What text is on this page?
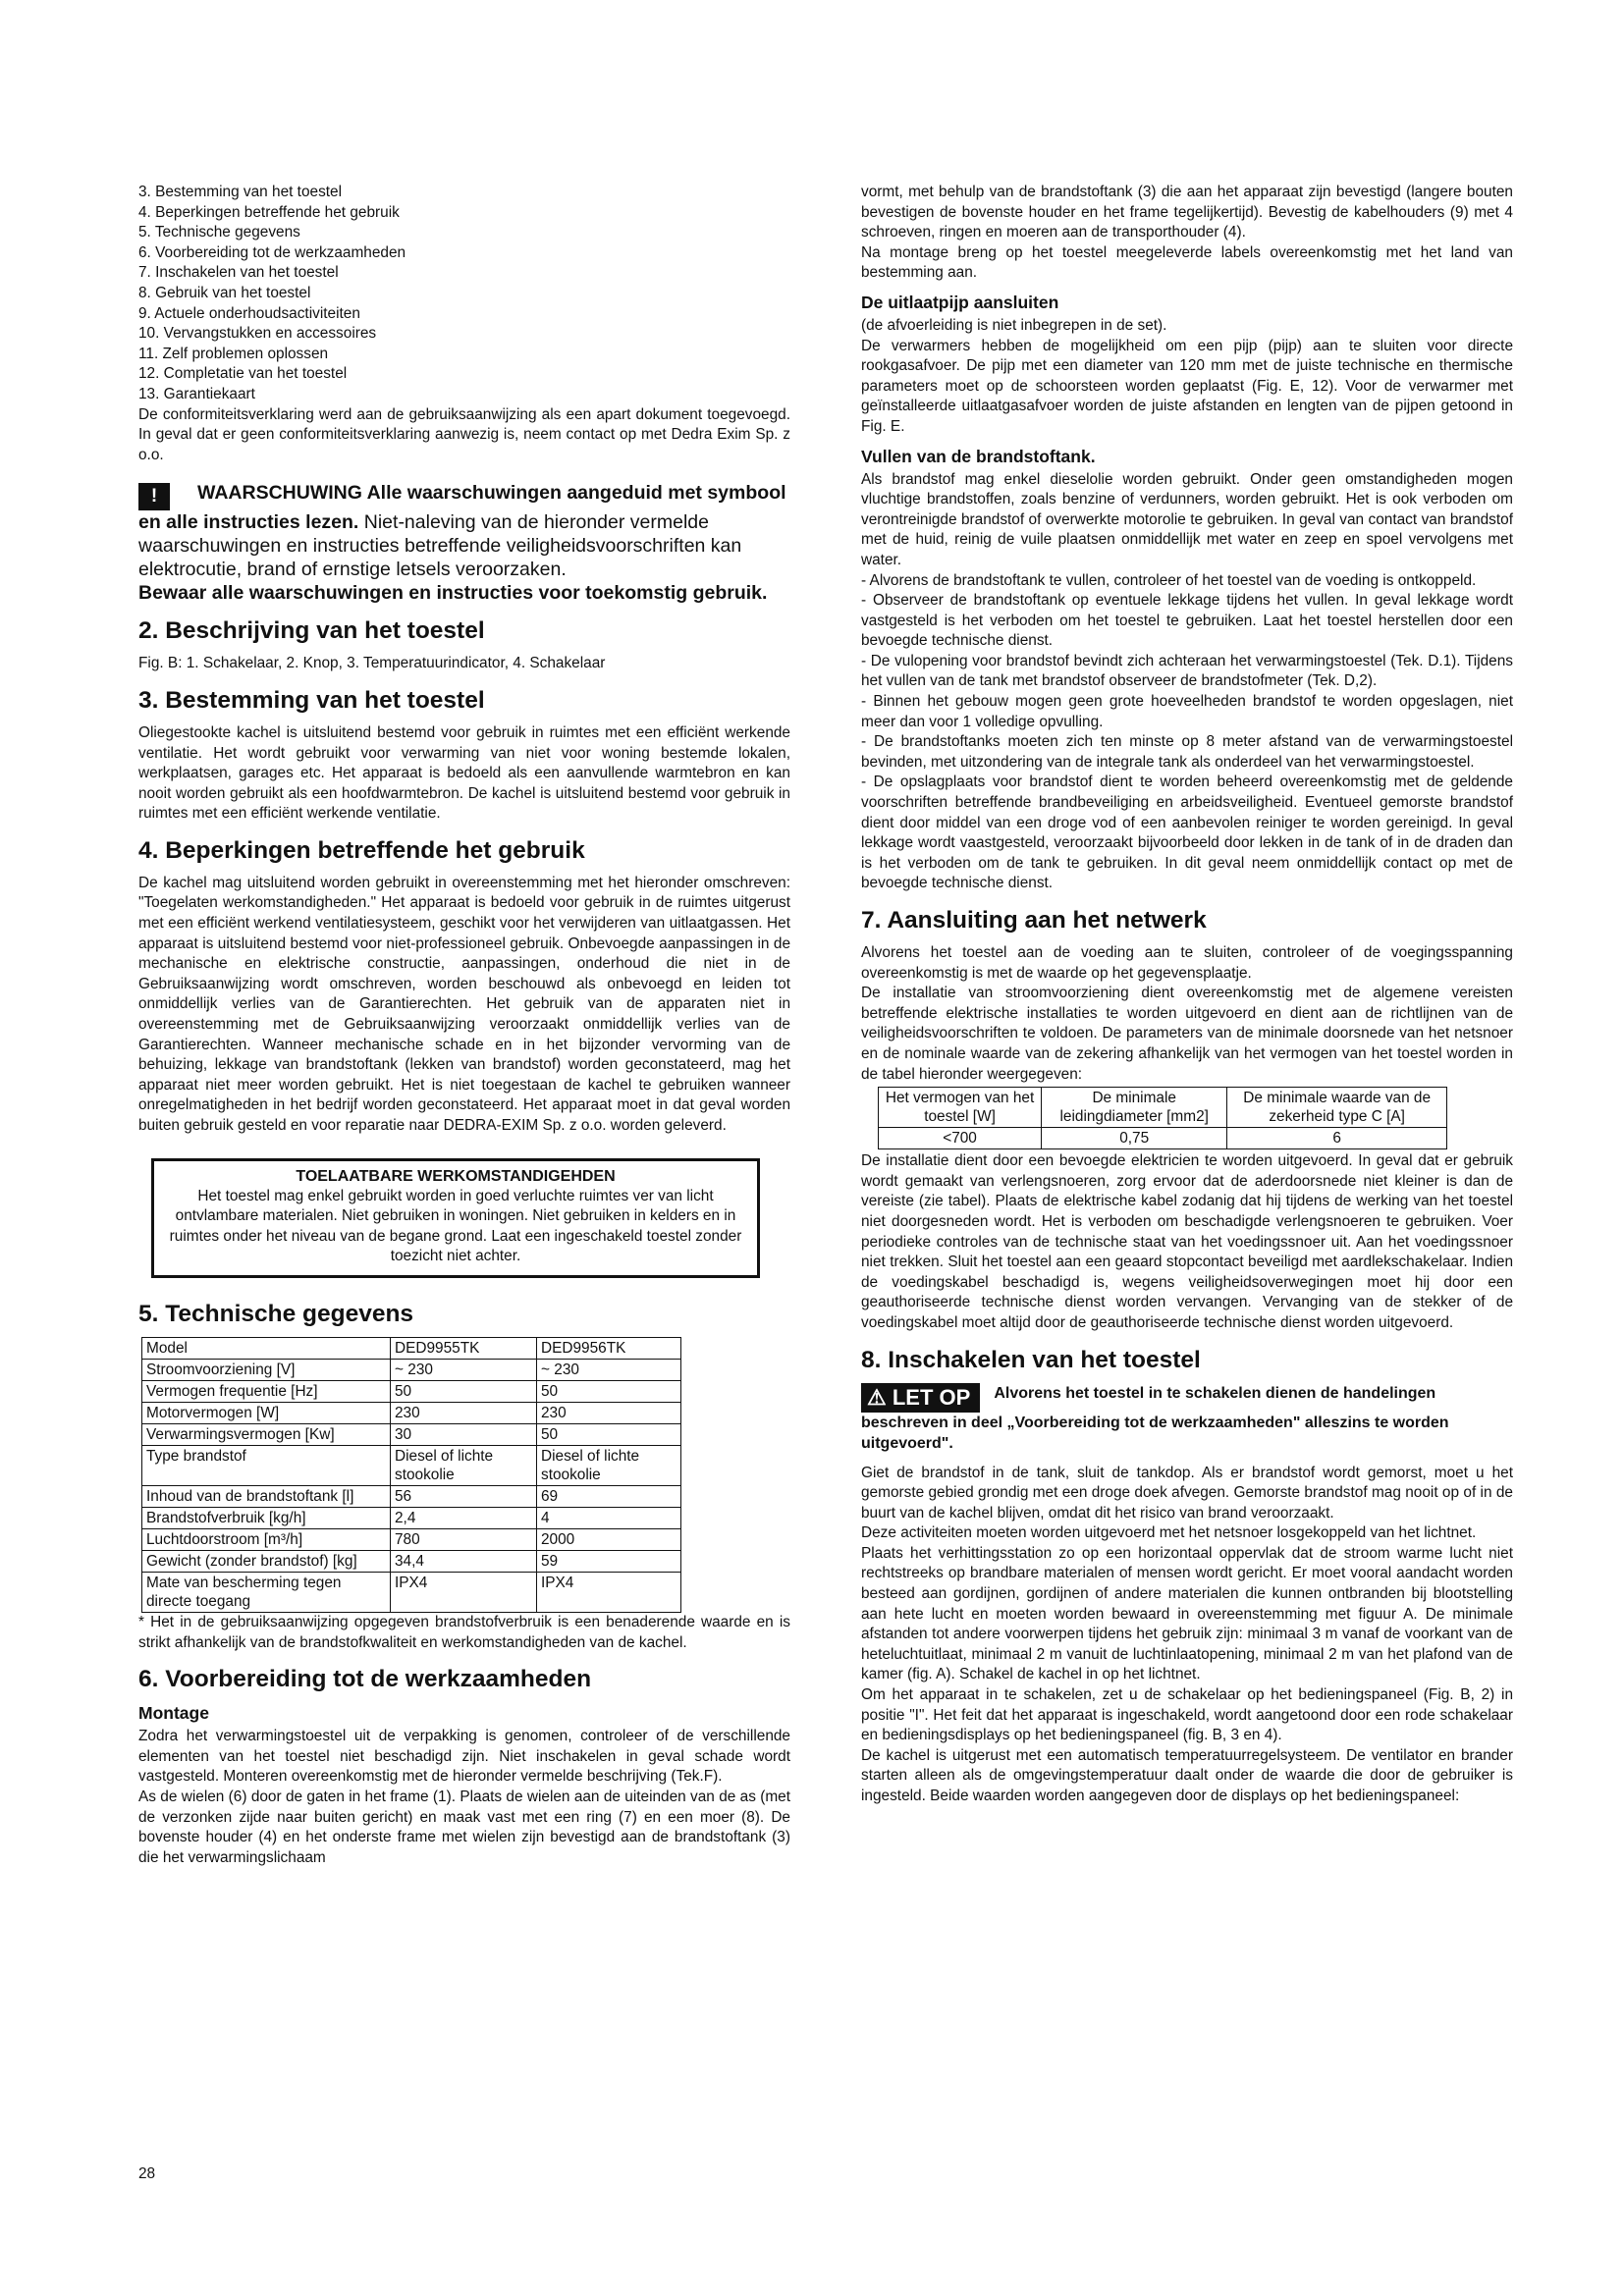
3. Bestemming van het toestel
4. Beperkingen betreffende het gebruik
5. Technische gegevens
6. Voorbereiding tot de werkzaamheden
7. Inschakelen van het toestel
8. Gebruik van het toestel
9. Actuele onderhoudsactiviteiten
10. Vervangstukken en accessoires
11. Zelf problemen oplossen
12. Completatie van het toestel
13. Garantiekaart

De conformiteitsverklaring werd aan de gebruiksaanwijzing als een apart dokument toegevoegd. In geval dat er geen conformiteitsverklaring aanwezig is, neem contact op met Dedra Exim Sp. z o.o.

! WAARSCHUWING Alle waarschuwingen aangeduid met symbool en alle instructies lezen. Niet-naleving van de hieronder vermelde waarschuwingen en instructies betreffende veiligheidsvoorschriften kan elektrocutie, brand of ernstige letsels veroorzaken.
Bewaar alle waarschuwingen en instructies voor toekomstig gebruik.
2. Beschrijving van het toestel

Fig. B: 1. Schakelaar, 2. Knop, 3. Temperatuurindicator, 4. Schakelaar

3. Bestemming van het toestel

Oliegestookte kachel is uitsluitend bestemd voor gebruik in ruimtes met een efficiënt werkende ventilatie. Het wordt gebruikt voor verwarming van niet voor woning bestemde lokalen, werkplaatsen, garages etc. Het apparaat is bedoeld als een aanvullende warmtebron en kan nooit worden gebruikt als een hoofdwarmtebron. De kachel is uitsluitend bestemd voor gebruik in ruimtes met een efficiënt werkende ventilatie.

4. Beperkingen betreffende het gebruik

De kachel mag uitsluitend worden gebruikt in overeenstemming met het hieronder omschreven: "Toegelaten werkomstandigheden." Het apparaat is bedoeld voor gebruik in de ruimtes uitgerust met een efficiënt werkend ventilatiesysteem, geschikt voor het verwijderen van uitlaatgassen. Het apparaat is uitsluitend bestemd voor niet-professioneel gebruik. Onbevoegde aanpassingen in de mechanische en elektrische constructie, aanpassingen, onderhoud die niet in de Gebruiksaanwijzing wordt omschreven, worden beschouwd als onbevoegd en leiden tot onmiddellijk verlies van de Garantierechten. Het gebruik van de apparaten niet in overeenstemming met de Gebruiksaanwijzing veroorzaakt onmiddellijk verlies van de Garantierechten. Wanneer mechanische schade en in het bijzonder vervorming van de behuizing, lekkage van brandstoftank (lekken van brandstof) worden geconstateerd, mag het apparaat niet meer worden gebruikt. Het is niet toegestaan de kachel te gebruiken wanneer onregelmatigheden in het bedrijf worden geconstateerd. Het apparaat moet in dat geval worden buiten gebruik gesteld en voor reparatie naar DEDRA-EXIM Sp. z o.o. worden geleverd.

TOELAATBARE WERKOMSTANDIGEHDEN
Het toestel mag enkel gebruikt worden in goed verluchte ruimtes ver van licht ontvlambare materialen. Niet gebruiken in woningen. Niet gebruiken in kelders en in ruimtes onder het niveau van de begane grond. Laat een ingeschakeld toestel zonder toezicht niet achter.
5. Technische gegevens
Model	DED9955TK	DED9956TK
Stroomvoorziening [V]	~ 230	~ 230
Vermogen frequentie [Hz]	50	50
Motorvermogen [W]	230	230
Verwarmingsvermogen [Kw]	30	50
Type brandstof	Diesel of lichte stookolie	Diesel of lichte stookolie
Inhoud van de brandstoftank [l]	56	69
Brandstofverbruik [kg/h]	2,4	4
Luchtdoorstroom [m³/h]	780	2000
Gewicht (zonder brandstof) [kg]	34,4	59
Mate van bescherming tegen directe toegang	IPX4	IPX4

* Het in de gebruiksaanwijzing opgegeven brandstofverbruik is een benaderende waarde en is strikt afhankelijk van de brandstofkwaliteit en werkomstandigheden van de kachel.

6. Voorbereiding tot de werkzaamheden
Montage

Zodra het verwarmingstoestel uit de verpakking is genomen, controleer of de verschillende elementen van het toestel niet beschadigd zijn. Niet inschakelen in geval schade wordt vastgesteld. Monteren overeenkomstig met de hieronder vermelde beschrijving (Tek.F).

As de wielen (6) door de gaten in het frame (1). Plaats de wielen aan de uiteinden van de as (met de verzonken zijde naar buiten gericht) en maak vast met een ring (7) en een moer (8). De bovenste houder (4) en het onderste frame met wielen zijn bevestigd aan de brandstoftank (3) die het verwarmingslichaam

vormt, met behulp van de brandstoftank (3) die aan het apparaat zijn bevestigd (langere bouten bevestigen de bovenste houder en het frame tegelijkertijd). Bevestig de kabelhouders (9) met 4 schroeven, ringen en moeren aan de transporthouder (4).

Na montage breng op het toestel meegeleverde labels overeenkomstig met het land van bestemming aan.

De uitlaatpijp aansluiten

(de afvoerleiding is niet inbegrepen in de set).

De verwarmers hebben de mogelijkheid om een pijp (pijp) aan te sluiten voor directe rookgasafvoer. De pijp met een diameter van 120 mm met de juiste technische en thermische parameters moet op de schoorsteen worden geplaatst (Fig. E, 12). Voor de verwarmer met geïnstalleerde uitlaatgasafvoer worden de juiste afstanden en lengten van de pijpen getoond in Fig. E.

Vullen van de brandstoftank.

Als brandstof mag enkel dieselolie worden gebruikt. Onder geen omstandigheden mogen vluchtige brandstoffen, zoals benzine of verdunners, worden gebruikt. Het is ook verboden om verontreinigde brandstof of overwerkte motorolie te gebruiken. In geval van contact van brandstof met de huid, reinig de vuile plaatsen onmiddellijk met water en zeep en spoel vervolgens met water.

- Alvorens de brandstoftank te vullen, controleer of het toestel van de voeding is ontkoppeld.

- Observeer de brandstoftank op eventuele lekkage tijdens het vullen. In geval lekkage wordt vastgesteld is het verboden om het toestel te gebruiken. Laat het toestel herstellen door een bevoegde technische dienst.

- De vulopening voor brandstof bevindt zich achteraan het verwarmingstoestel (Tek. D.1). Tijdens het vullen van de tank met brandstof observeer de brandstofmeter (Tek. D,2).

- Binnen het gebouw mogen geen grote hoeveelheden brandstof te worden opgeslagen, niet meer dan voor 1 volledige opvulling.

- De brandstoftanks moeten zich ten minste op 8 meter afstand van de verwarmingstoestel bevinden, met uitzondering van de integrale tank als onderdeel van het verwarmingstoestel.

- De opslagplaats voor brandstof dient te worden beheerd overeenkomstig met de geldende voorschriften betreffende brandbeveiliging en arbeidsveiligheid. Eventueel gemorste brandstof dient door middel van een droge vod of een aanbevolen reiniger te worden gereinigd. In geval lekkage wordt vaastgesteld, veroorzaakt bijvoorbeeld door lekken in de tank of in de draden dan is het verboden om de tank te gebruiken. In dit geval neem onmiddellijk contact op met de bevoegde technische dienst.

7. Aansluiting aan het netwerk

Alvorens het toestel aan de voeding aan te sluiten, controleer of de voegingsspanning overeenkomstig is met de waarde op het gegevensplaatje.

De installatie van stroomvoorziening dient overeenkomstig met de algemene vereisten betreffende elektrische installaties te worden uitgevoerd en dient aan de richtlijnen van de veiligheidsvoorschriften te voldoen. De parameters van de minimale doorsnede van het netsnoer en de nominale waarde van de zekering afhankelijk van het vermogen van het toestel worden in de tabel hieronder weergegeven:

Het vermogen van het toestel [W]	De minimale leidingdiameter [mm2]	De minimale waarde van de zekerheid type C [A]
<700	0,75	6

De installatie dient door een bevoegde elektricien te worden uitgevoerd. In geval dat er gebruik wordt gemaakt van verlengsnoeren, zorg ervoor dat de aderdoorsnede niet kleiner is dan de vereiste (zie tabel). Plaats de elektrische kabel zodanig dat hij tijdens de werking van het toestel niet doorgesneden wordt. Het is verboden om beschadigde verlengsnoeren te gebruiken. Voer periodieke controles van de technische staat van het voedingssnoer uit. Aan het voedingssnoer niet trekken. Sluit het toestel aan een geaard stopcontact beveiligd met aardlekschakelaar. Indien de voedingskabel beschadigd is, wegens veiligheidsoverwegingen moet hij door een geauthoriseerde technische dienst worden vervangen. Vervanging van de stekker of de voedingskabel moet altijd door de geauthoriseerde technische dienst worden uitgevoerd.

8. Inschakelen van het toestel
⚠ LET OP Alvorens het toestel in te schakelen dienen de handelingen beschreven in deel „Voorbereiding tot de werkzaamheden" alleszins te worden uitgevoerd".

Giet de brandstof in de tank, sluit de tankdop. Als er brandstof wordt gemorst, moet u het gemorste gebied grondig met een droge doek afvegen. Gemorste brandstof mag nooit op of in de buurt van de kachel blijven, omdat dit het risico van brand veroorzaakt.

Deze activiteiten moeten worden uitgevoerd met het netsnoer losgekoppeld van het lichtnet.

Plaats het verhittingsstation zo op een horizontaal oppervlak dat de stroom warme lucht niet rechtstreeks op brandbare materialen of mensen wordt gericht. Er moet vooral aandacht worden besteed aan gordijnen, gordijnen of andere materialen die kunnen ontbranden bij blootstelling aan hete lucht en moeten worden bewaard in overeenstemming met figuur A. De minimale afstanden tot andere voorwerpen tijdens het gebruik zijn: minimaal 3 m vanaf de voorkant van de heteluchtuitlaat, minimaal 2 m vanuit de luchtinlaatopening, minimaal 2 m van het plafond van de kamer (fig. A). Schakel de kachel in op het lichtnet.

Om het apparaat in te schakelen, zet u de schakelaar op het bedieningspaneel (Fig. B, 2) in positie "I". Het feit dat het apparaat is ingeschakeld, wordt aangetoond door een rode schakelaar en bedieningsdisplays op het bedieningspaneel (fig. B, 3 en 4).

De kachel is uitgerust met een automatisch temperatuurregelsysteem. De ventilator en brander starten alleen als de omgevingstemperatuur daalt onder de waarde die door de gebruiker is ingesteld. Beide waarden worden aangegeven door de displays op het bedieningspaneel:

28
